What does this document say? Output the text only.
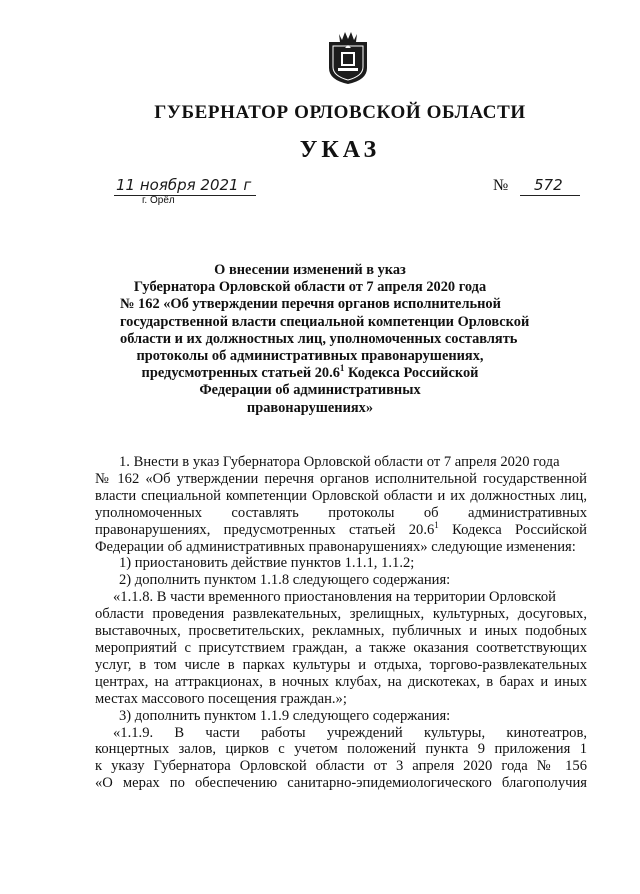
ГУБЕРНАТОР ОРЛОВСКОЙ ОБЛАСТИ
УКАЗ
11 ноября 2021 г
г. Орёл
№ 572
О внесении изменений в указ
Губернатора Орловской области от 7 апреля 2020 года
№ 162 «Об утверждении перечня органов исполнительной
государственной власти специальной компетенции Орловской
области и их должностных лиц, уполномоченных составлять
протоколы об административных правонарушениях,
предусмотренных статьей 20.6$^1$ Кодекса Российской
Федерации об административных
правонарушениях»
1. Внести в указ Губернатора Орловской области от 7 апреля 2020 года
№ 162 «Об утверждении перечня органов исполнительной государственной
власти специальной компетенции Орловской области и их должностных лиц,
уполномоченных составлять протоколы об административных
правонарушениях, предусмотренных статьей 20.6$^1$ Кодекса Российской
Федерации об административных правонарушениях» следующие изменения:
1) приостановить действие пунктов 1.1.1, 1.1.2;
2) дополнить пунктом 1.1.8 следующего содержания:
«1.1.8. В части временного приостановления на территории Орловской
области проведения развлекательных, зрелищных, культурных, досуговых,
выставочных, просветительских, рекламных, публичных и иных подобных
мероприятий с присутствием граждан, а также оказания соответствующих
услуг, в том числе в парках культуры и отдыха, торгово-развлекательных
центрах, на аттракционах, в ночных клубах, на дискотеках, в барах и иных
местах массового посещения граждан.»;
3) дополнить пунктом 1.1.9 следующего содержания:
«1.1.9. В части работы учреждений культуры, кинотеатров,
концертных залов, цирков с учетом положений пункта 9 приложения 1
к указу Губернатора Орловской области от 3 апреля 2020 года № 156
«О мерах по обеспечению санитарно-эпидемиологического благополучия
